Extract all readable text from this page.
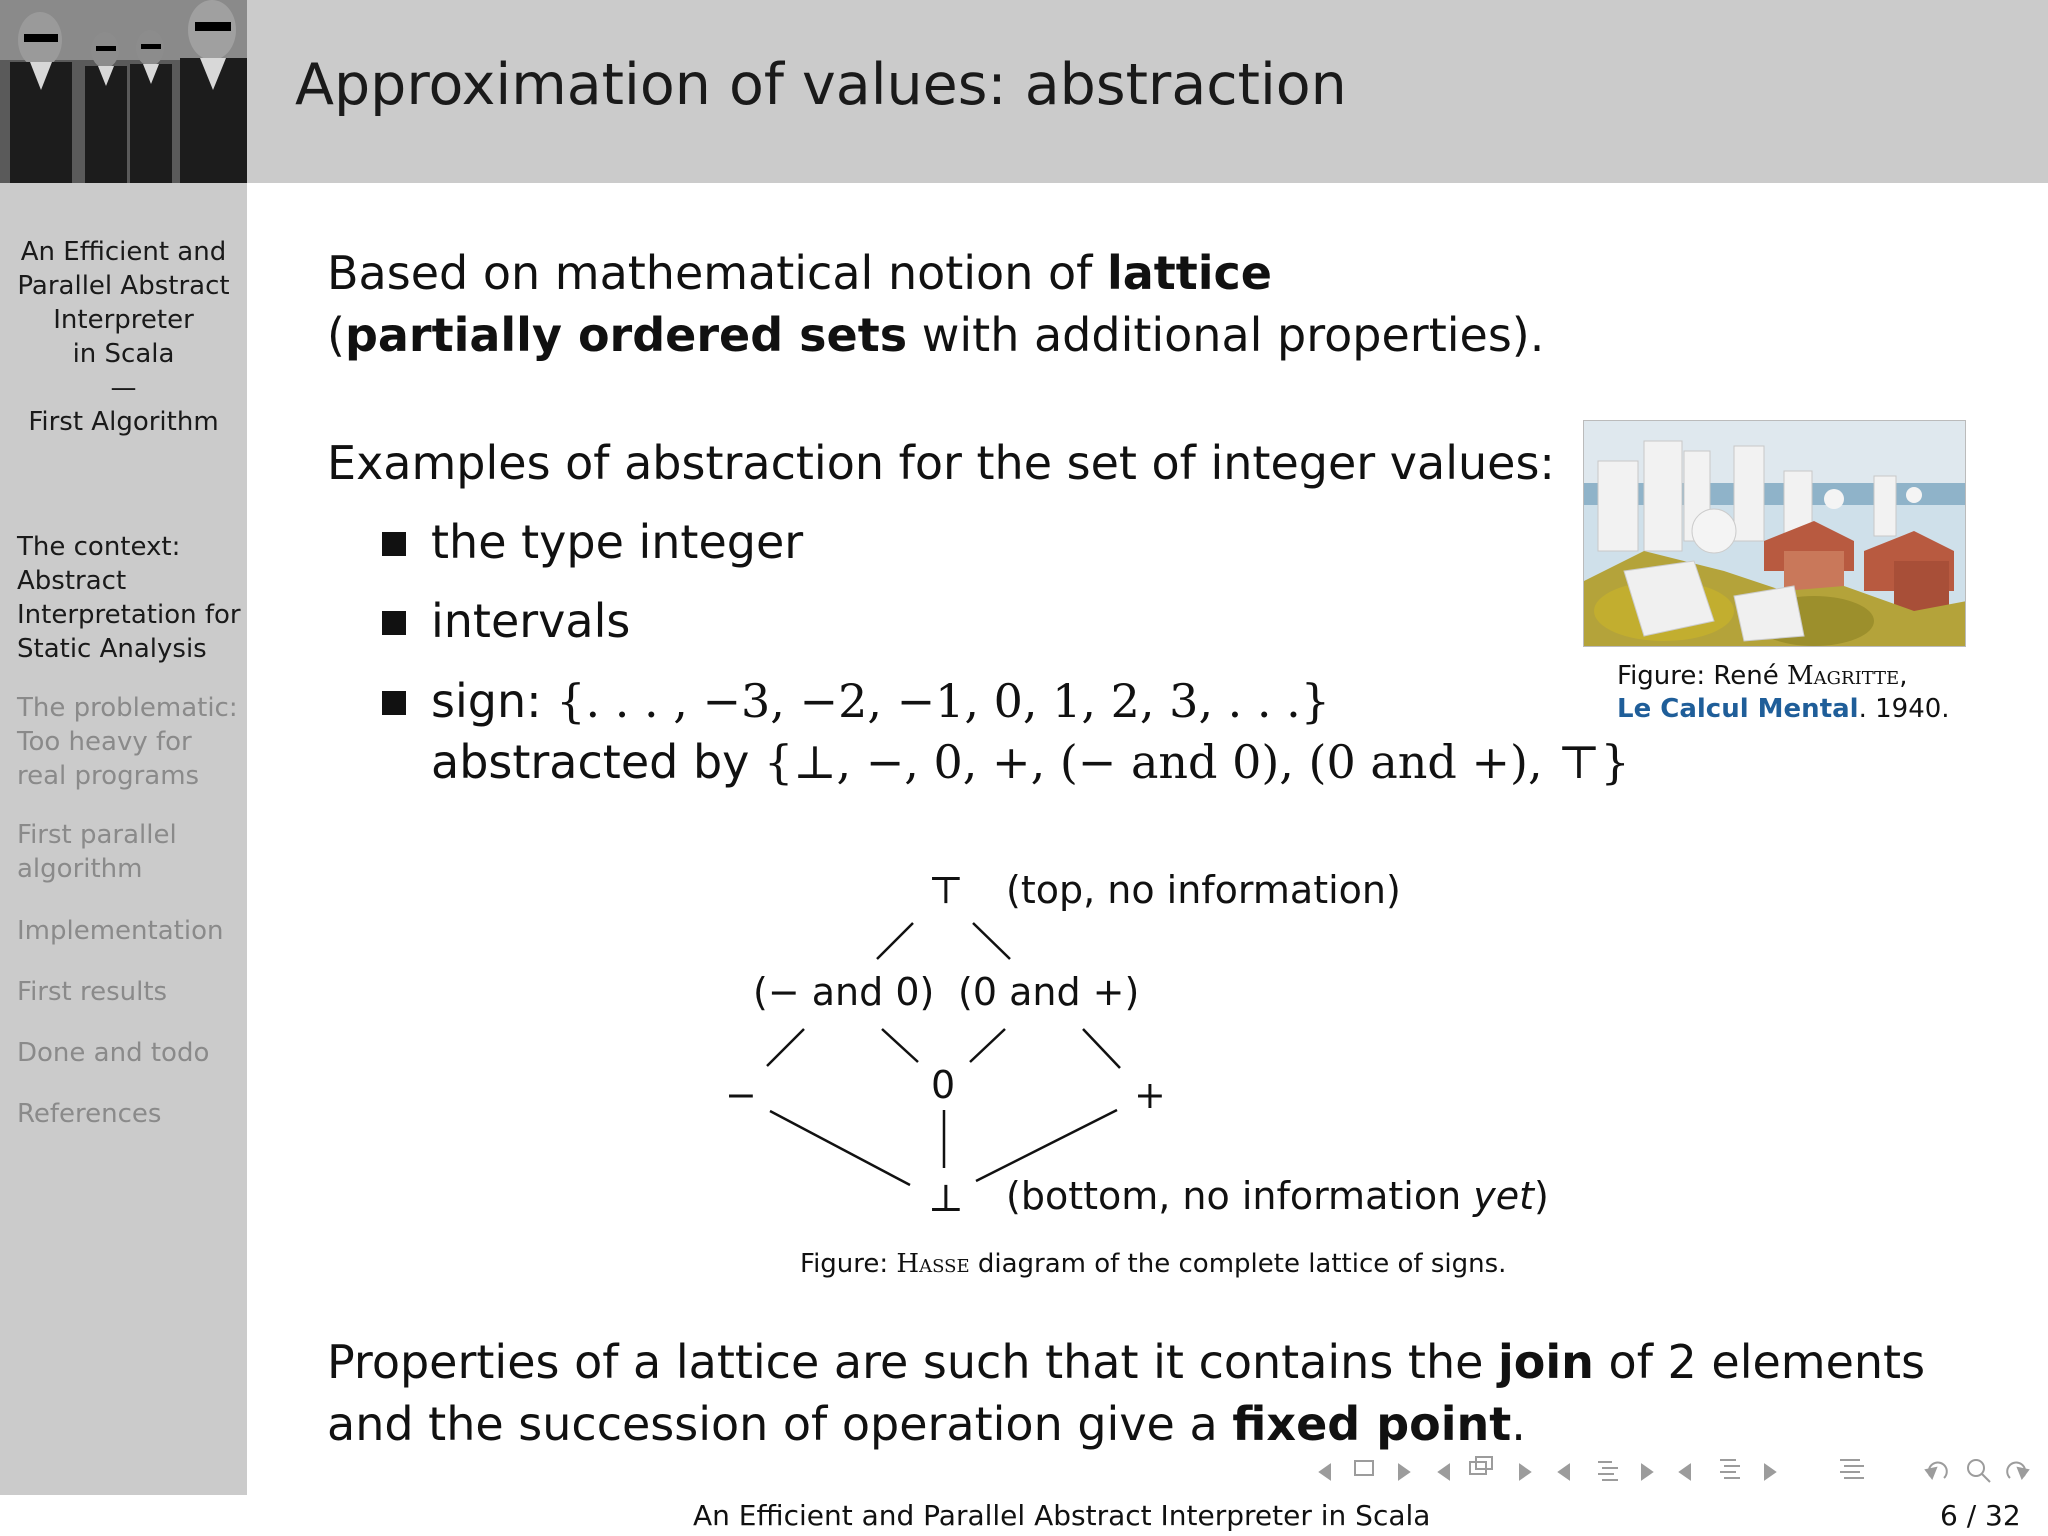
Approximation of values: abstraction
An Efficient and
Parallel Abstract
Interpreter
in Scala
—
First Algorithm
The context:
Abstract
Interpretation for
Static Analysis
The problematic:
Too heavy for
real programs
First parallel
algorithm
Implementation
First results
Done and todo
References
Based on mathematical notion of lattice
(partially ordered sets with additional properties).
Examples of abstraction for the set of integer values:
the type integer
intervals
sign: {. . . , −3, −2, −1, 0, 1, 2, 3, . . .}
abstracted by {⊥, −, 0, +, (− and 0), (0 and +), ⊤}
Figure: René Magritte,
Le Calcul Mental. 1940.
⊤ (top, no information)
(− and 0) (0 and +)
−	0	+
⊥ (bottom, no information yet)
Figure: Hasse diagram of the complete lattice of signs.
Properties of a lattice are such that it contains the join of 2 elements
and the succession of operation give a fixed point.
An Efficient and Parallel Abstract Interpreter in Scala	6 / 32
